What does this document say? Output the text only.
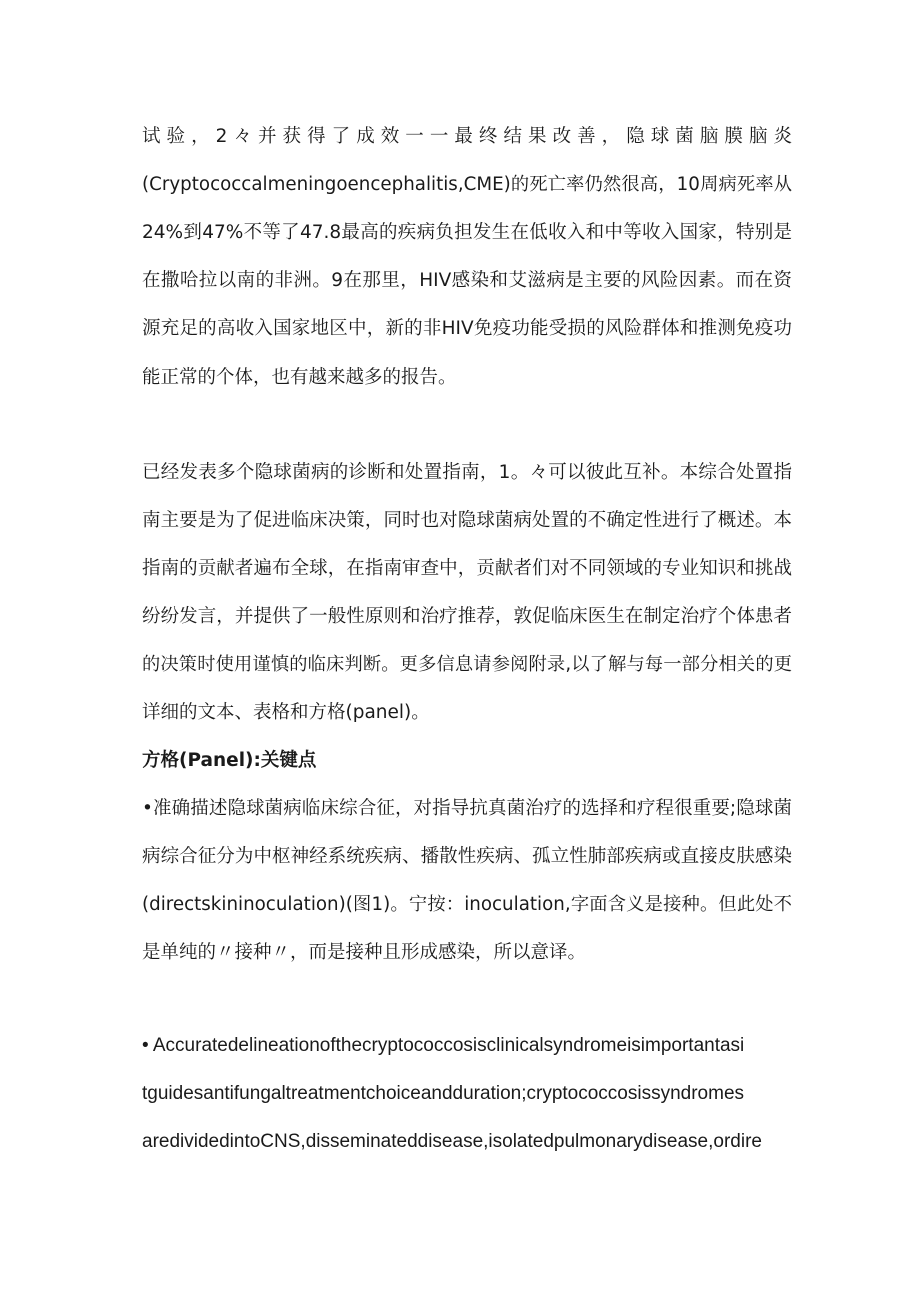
试验，2々并获得了成效一一最终结果改善，隐球菌脑膜脑炎
(Cryptococcalmeningoencephalitis,CME)的死亡率仍然很高，10周病死率从
24%到47%不等了47.8最高的疾病负担发生在低收入和中等收入国家，特别是
在撒哈拉以南的非洲。9在那里，HIV感染和艾滋病是主要的风险因素。而在资
源充足的高收入国家地区中，新的非HIV免疫功能受损的风险群体和推测免疫功
能正常的个体，也有越来越多的报告。
已经发表多个隐球菌病的诊断和处置指南，1。々可以彼此互补。本综合处置指
南主要是为了促进临床决策，同时也对隐球菌病处置的不确定性进行了概述。本
指南的贡献者遍布全球，在指南审查中，贡献者们对不同领域的专业知识和挑战
纷纷发言，并提供了一般性原则和治疗推荐，敦促临床医生在制定治疗个体患者
的决策时使用谨慎的临床判断。更多信息请参阅附录,以了解与每一部分相关的更
详细的文本、表格和方格(panel)。
方格(Panel):关键点
•准确描述隐球菌病临床综合征，对指导抗真菌治疗的选择和疗程很重要;隐球菌
病综合征分为中枢神经系统疾病、播散性疾病、孤立性肺部疾病或直接皮肤感染
(directskininoculation)(图1)。宁按：inoculation,字面含义是接种。但此处不
是单纯的〃接种〃，而是接种且形成感染，所以意译。
• Accuratedelineationofthecryptococcosisclinicalsyndromeisimportantasi
tguidesantifungaltreatmentchoiceandduration;cryptococcosissyndromes
aredividedintoCNS,disseminateddisease,isolatedpulmonarydisease,ordire
